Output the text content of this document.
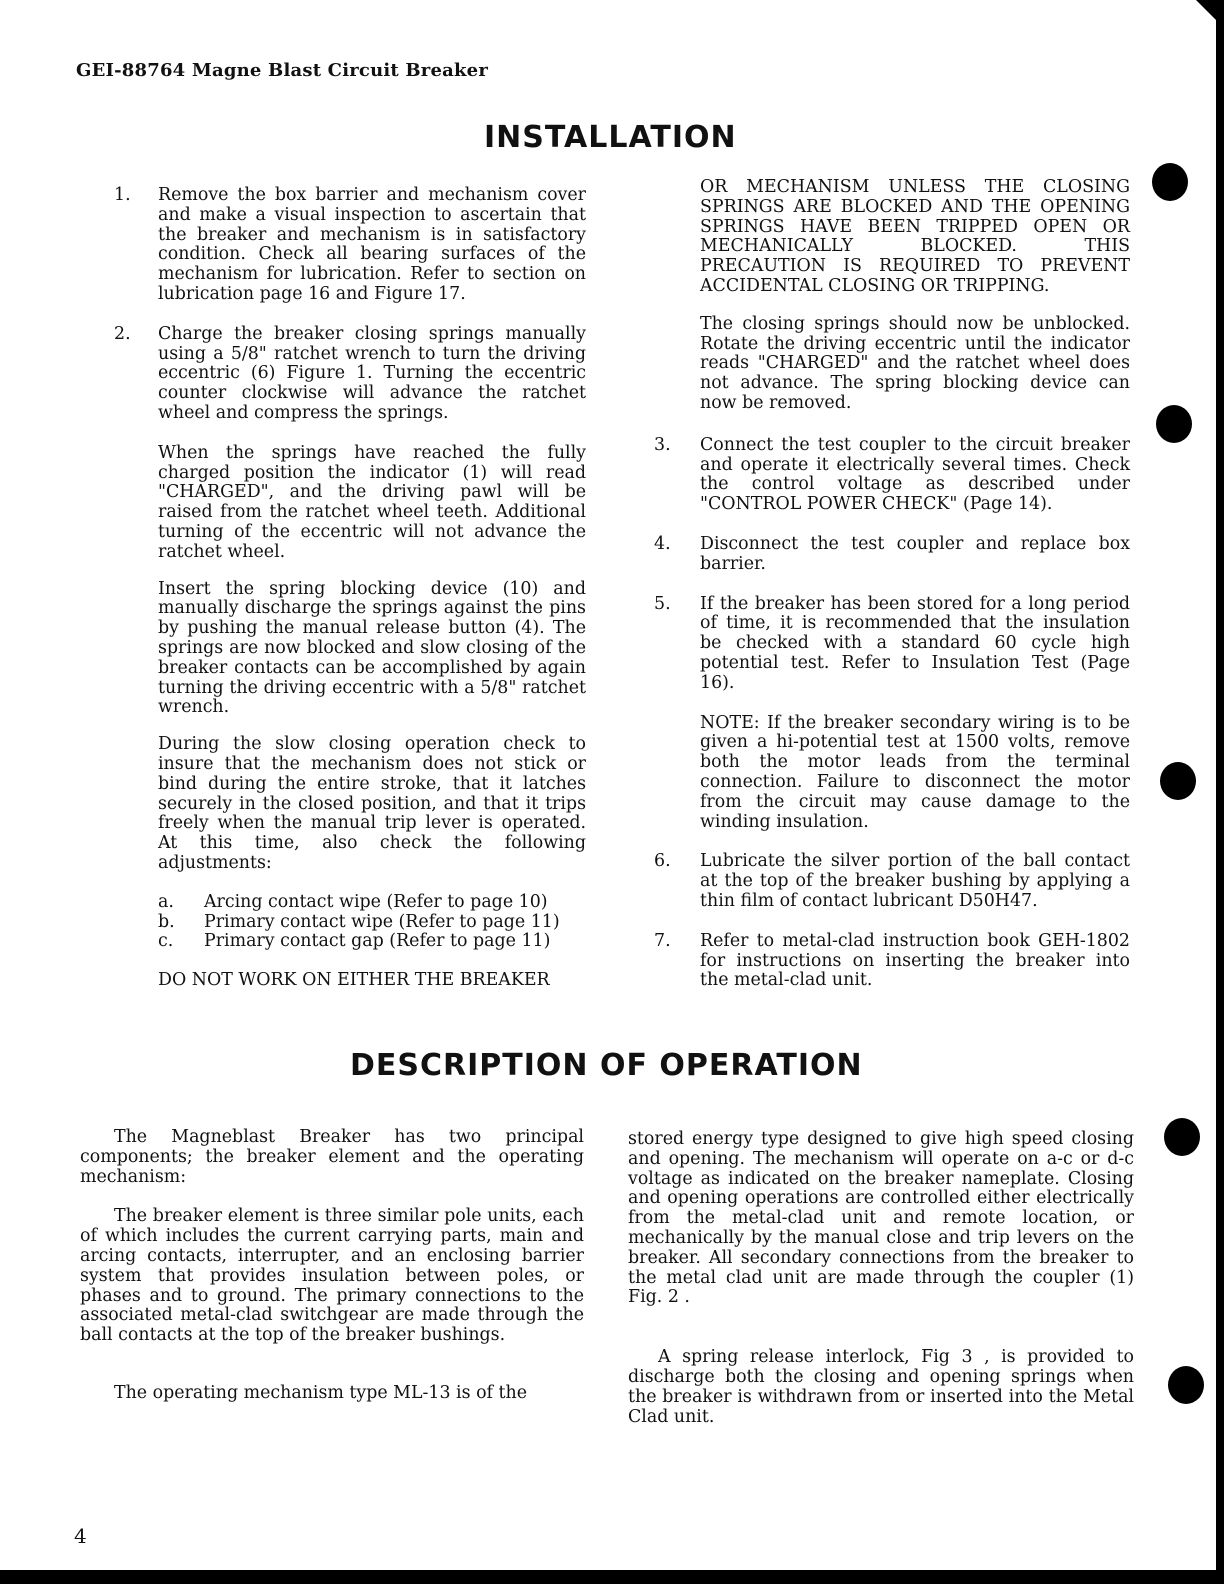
GEI-88764 Magne Blast Circuit Breaker
INSTALLATION
1. Remove the box barrier and mechanism cover and make a visual inspection to ascertain that the breaker and mechanism is in satisfactory condition. Check all bearing surfaces of the mechanism for lubrication. Refer to section on lubrication page 16 and Figure 17.

2. Charge the breaker closing springs manually using a 5/8" ratchet wrench to turn the driving eccentric (6) Figure 1. Turning the eccentric counter clockwise will advance the ratchet wheel and compress the springs.

When the springs have reached the fully charged position the indicator (1) will read "CHARGED", and the driving pawl will be raised from the ratchet wheel teeth. Additional turning of the eccentric will not advance the ratchet wheel.

Insert the spring blocking device (10) and manually discharge the springs against the pins by pushing the manual release button (4). The springs are now blocked and slow closing of the breaker contacts can be accomplished by again turning the driving eccentric with a 5/8" ratchet wrench.

During the slow closing operation check to insure that the mechanism does not stick or bind during the entire stroke, that it latches securely in the closed position, and that it trips freely when the manual trip lever is operated. At this time, also check the following adjustments:

a.	Arcing contact wipe (Refer to page 10)
b.	Primary contact wipe (Refer to page 11)
c.	Primary contact gap (Refer to page 11)

DO NOT WORK ON EITHER THE BREAKER

OR MECHANISM UNLESS THE CLOSING SPRINGS ARE BLOCKED AND THE OPENING SPRINGS HAVE BEEN TRIPPED OPEN OR MECHANICALLY BLOCKED. THIS PRECAUTION IS REQUIRED TO PREVENT ACCIDENTAL CLOSING OR TRIPPING.

The closing springs should now be unblocked. Rotate the driving eccentric until the indicator reads "CHARGED" and the ratchet wheel does not advance. The spring blocking device can now be removed.

3. Connect the test coupler to the circuit breaker and operate it electrically several times. Check the control voltage as described under "CONTROL POWER CHECK" (Page 14).

4. Disconnect the test coupler and replace box barrier.

5. If the breaker has been stored for a long period of time, it is recommended that the insulation be checked with a standard 60 cycle high potential test. Refer to Insulation Test (Page 16).

NOTE: If the breaker secondary wiring is to be given a hi-potential test at 1500 volts, remove both the motor leads from the terminal connection. Failure to disconnect the motor from the circuit may cause damage to the winding insulation.

6. Lubricate the silver portion of the ball contact at the top of the breaker bushing by applying a thin film of contact lubricant D50H47.

7. Refer to metal-clad instruction book GEH-1802 for instructions on inserting the breaker into the metal-clad unit.

DESCRIPTION OF OPERATION

The Magneblast Breaker has two principal components; the breaker element and the operating mechanism:

The breaker element is three similar pole units, each of which includes the current carrying parts, main and arcing contacts, interrupter, and an enclosing barrier system that provides insulation between poles, or phases and to ground. The primary connections to the associated metal-clad switchgear are made through the ball contacts at the top of the breaker bushings.

The operating mechanism type ML-13 is of the

stored energy type designed to give high speed closing and opening. The mechanism will operate on a-c or d-c voltage as indicated on the breaker nameplate. Closing and opening operations are controlled either electrically from the metal-clad unit and remote location, or mechanically by the manual close and trip levers on the breaker. All secondary connections from the breaker to the metal clad unit are made through the coupler (1) Fig. 2 .

A spring release interlock, Fig 3 , is provided to discharge both the closing and opening springs when the breaker is withdrawn from or inserted into the Metal Clad unit.

4
